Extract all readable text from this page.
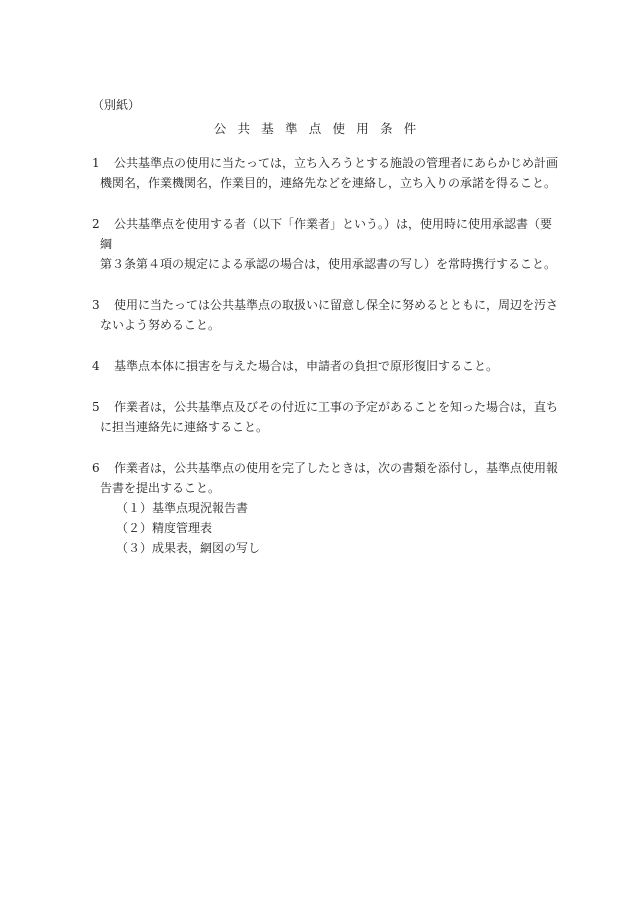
（別紙）
公共基準点使用条件
1	公共基準点の使用に当たっては，立ち入ろうとする施設の管理者にあらかじめ計画
機関名，作業機関名，作業目的，連絡先などを連絡し，立ち入りの承諾を得ること。
2	公共基準点を使用する者（以下「作業者」という。）は，使用時に使用承認書（要綱
第３条第４項の規定による承認の場合は，使用承認書の写し）を常時携行すること。
3	使用に当たっては公共基準点の取扱いに留意し保全に努めるとともに，周辺を汚さ
ないよう努めること。
4	基準点本体に損害を与えた場合は，申請者の負担で原形復旧すること。
5	作業者は，公共基準点及びその付近に工事の予定があることを知った場合は，直ち
に担当連絡先に連絡すること。
6	作業者は，公共基準点の使用を完了したときは，次の書類を添付し，基準点使用報
告書を提出すること。
（１）基準点現況報告書
（２）精度管理表
（３）成果表，網図の写し
